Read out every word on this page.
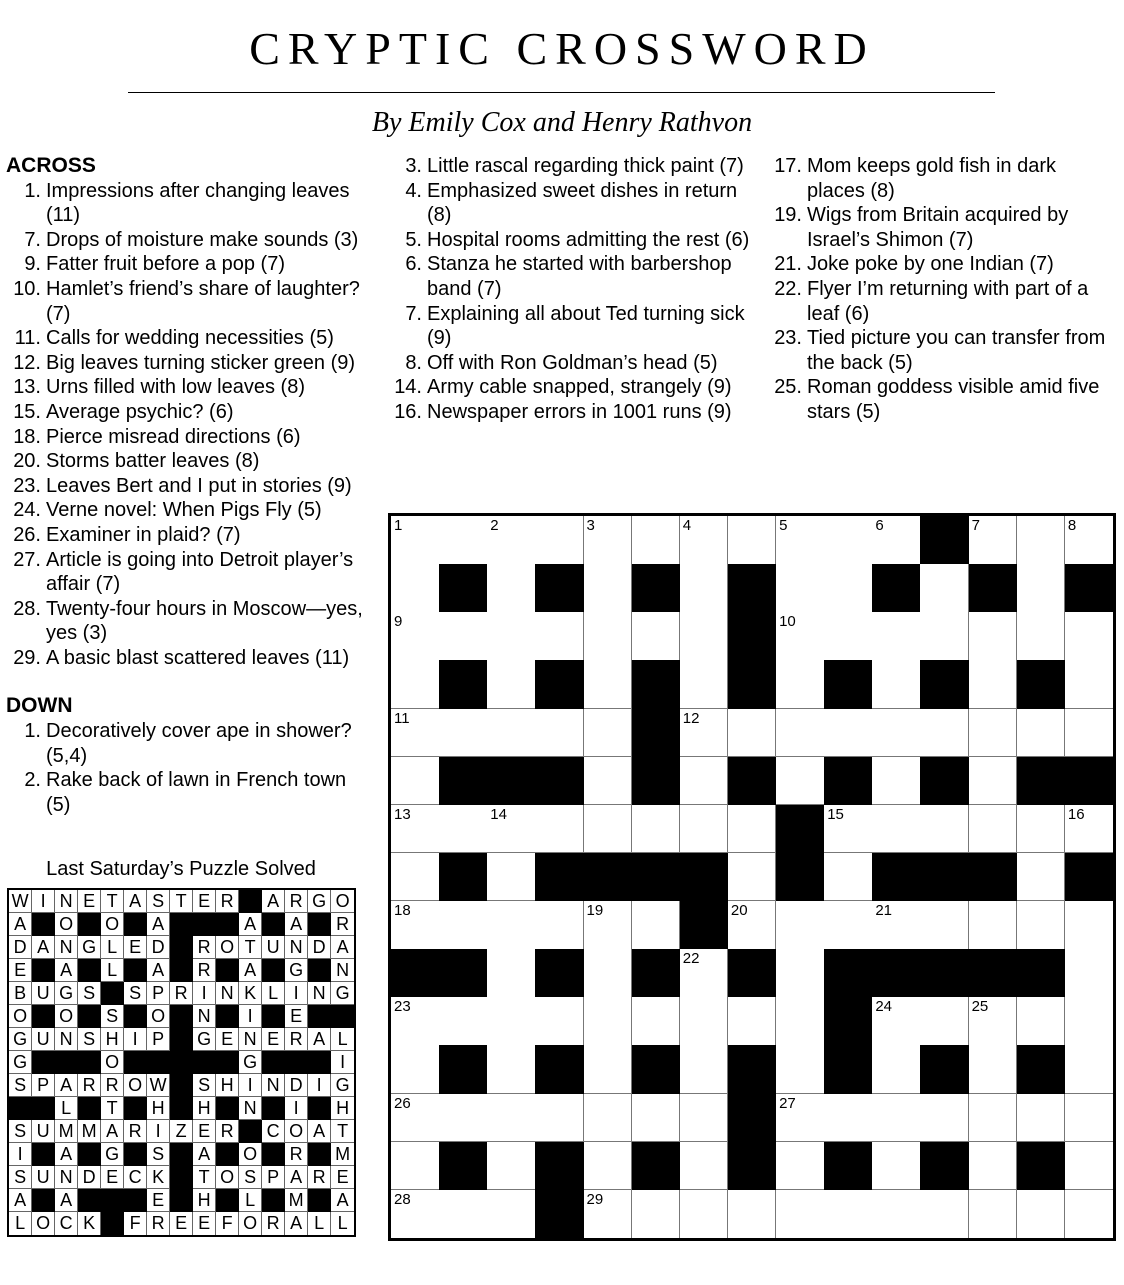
CRYPTIC CROSSWORD
By Emily Cox and Henry Rathvon
ACROSS
1. Impressions after changing leaves (11)
7. Drops of moisture make sounds (3)
9. Fatter fruit before a pop (7)
10. Hamlet’s friend’s share of laughter? (7)
11. Calls for wedding necessities (5)
12. Big leaves turning sticker green (9)
13. Urns filled with low leaves (8)
15. Average psychic? (6)
18. Pierce misread directions (6)
20. Storms batter leaves (8)
23. Leaves Bert and I put in stories (9)
24. Verne novel: When Pigs Fly (5)
26. Examiner in plaid? (7)
27. Article is going into Detroit player’s affair (7)
28. Twenty-four hours in Moscow—yes, yes (3)
29. A basic blast scattered leaves (11)
DOWN
1. Decoratively cover ape in shower? (5,4)
2. Rake back of lawn in French town (5)
3. Little rascal regarding thick paint (7)
4. Emphasized sweet dishes in return (8)
5. Hospital rooms admitting the rest (6)
6. Stanza he started with barbershop band (7)
7. Explaining all about Ted turning sick (9)
8. Off with Ron Goldman’s head (5)
14. Army cable snapped, strangely (9)
16. Newspaper errors in 1001 runs (9)
17. Mom keeps gold fish in dark places (8)
19. Wigs from Britain acquired by Israel’s Shimon (7)
21. Joke poke by one Indian (7)
22. Flyer I’m returning with part of a leaf (6)
23. Tied picture you can transfer from the back (5)
25. Roman goddess visible amid five stars (5)
1	2	3	4	5	6	7	8
9	10
11	12
13	14	15	16
17
18	19	20	21
22
23	24	25
26	27
28	29
Last Saturday’s Puzzle Solved
W I N E T A S T E R	A R G O
A	O O A	A	A	R
D A N G L E D	R O T U N D A
E	A	L	A	R	A	G N
B U G S	S P R I N K L I N G
O O S	O N	I	E
G U N S H I P	G E N E R A L
G	O	G	I
S P A R R O W S H I N D I G
L	T	H	H	N	I	H
S U M M A R I Z E R	C O A T
I	A	G S	A	O R	M
S U N D E C K	T O S P A R E
A	A	E	H	L	M	A
L O C K	F R E E F O R A L L
